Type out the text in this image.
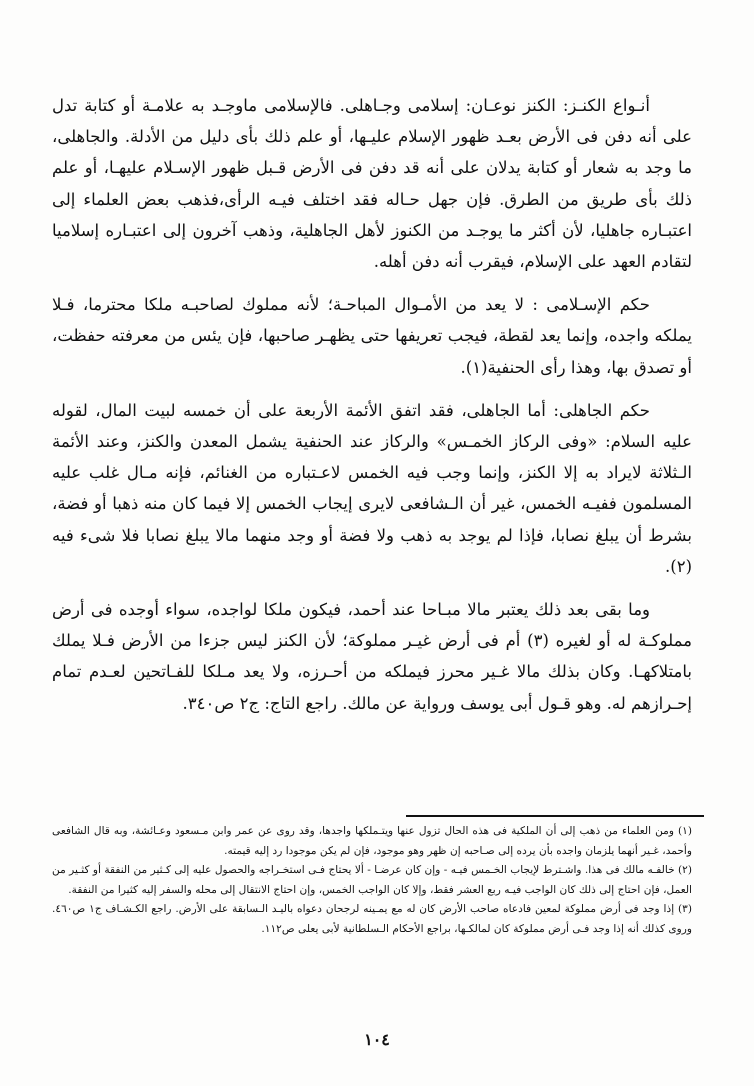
أنـواع الكنـز: الكنز نوعـان: إسلامى وجـاهلى. فالإسلامى ماوجـد به علامـة أو كتابة تدل على أنه دفن فى الأرض بعـد ظهور الإسلام عليـها، أو علم ذلك بأى دليل من الأدلة. والجاهلى، ما وجد به شعار أو كتابة يدلان على أنه قد دفن فى الأرض قـبل ظهور الإسـلام عليهـا، أو علم ذلك بأى طريق من الطرق. فإن جهل حـاله فقد اختلف فيـه الرأى،فذهب بعض العلماء إلى اعتبـاره جاهليا، لأن أكثر ما يوجـد من الكنوز لأهل الجاهلية، وذهب آخرون إلى اعتبـاره إسلاميا لتقادم العهد على الإسلام، فيقرب أنه دفن أهله.

حكم الإسـلامى : لا يعد من الأمـوال المباحـة؛ لأنه مملوك لصاحبـه ملكا محترما، فـلا يملكه واجده، وإنما يعد لقطة، فيجب تعريفها حتى يظهـر صاحبها، فإن يئس من معرفته حفظت، أو تصدق بها، وهذا رأى الحنفية(١).

حكم الجاهلى: أما الجاهلى، فقد اتفق الأئمة الأربعة على أن خمسه لبيت المال، لقوله عليه السلام: «وفى الركاز الخمـس» والركاز عند الحنفية يشمل المعدن والكنز، وعند الأئمة الـثلاثة لايراد به إلا الكنز، وإنما وجب فيه الخمس لاعـتباره من الغنائم، فإنه مـال غلب عليه المسلمون ففيـه الخمس، غير أن الـشافعى لايرى إيجاب الخمس إلا فيما كان منه ذهبا أو فضة، بشرط أن يبلغ نصابا، فإذا لم يوجد به ذهب ولا فضة أو وجد منهما مالا يبلغ نصابا فلا شىء فيه (٢).

وما بقى بعد ذلك يعتبر مالا مبـاحا عند أحمد، فيكون ملكا لواجده، سواء أوجده فى أرض مملوكـة له أو لغيره (٣) أم فى أرض غيـر مملوكة؛ لأن الكنز ليس جزءا من الأرض فـلا يملك بامتلاكهـا. وكان بذلك مالا غـير محرز فيملكه من أحـرزه، ولا يعد مـلكا للفـاتحين لعـدم تمام إحـرازهم له. وهو قـول أبى يوسف ورواية عن مالك. راجع التاج: ج٢ ص٣٤٠.

(١) ومن العلماء من ذهب إلى أن الملكية فى هذه الحال تزول عنها ويتـملكها واجدها، وقد روى عن عمر وابن مـسعود وعـائشة، وبه قال الشافعى وأحمد، غـير أنهما يلزمان واجده بأن يرده إلى صـاحبه إن ظهر وهو موجود، فإن لم يكن موجودا رد إليه قيمته.

(٢) خالفـه مالك فى هذا. واشـترط لإيجاب الخـمس فيـه - وإن كان عرضـا - ألا يحتاج فـى استخـراجه والحصول عليه إلى كـثير من النفقة أو كثـير من العمل، فإن احتاج إلى ذلك كان الواجب فيـه ربع العشر فقط، وإلا كان الواجب الخمس، وإن احتاج الانتقال إلى محله والسفر إليه كثيرا من النفقة.

(٣) إذا وجد فى أرض مملوكة لمعين فادعاه صاحب الأرض كان له مع يمـينه لرجحان دعواه باليـد الـسابقة على الأرض. راجع الكـشـاف ج١ ص٤٦٠. وروى كذلك أنه إذا وجد فـى أرض مملوكة كان لمالكـها، براجع الأحكام الـسلطانية لأبى يعلى ص١١٢.

١٠٤
